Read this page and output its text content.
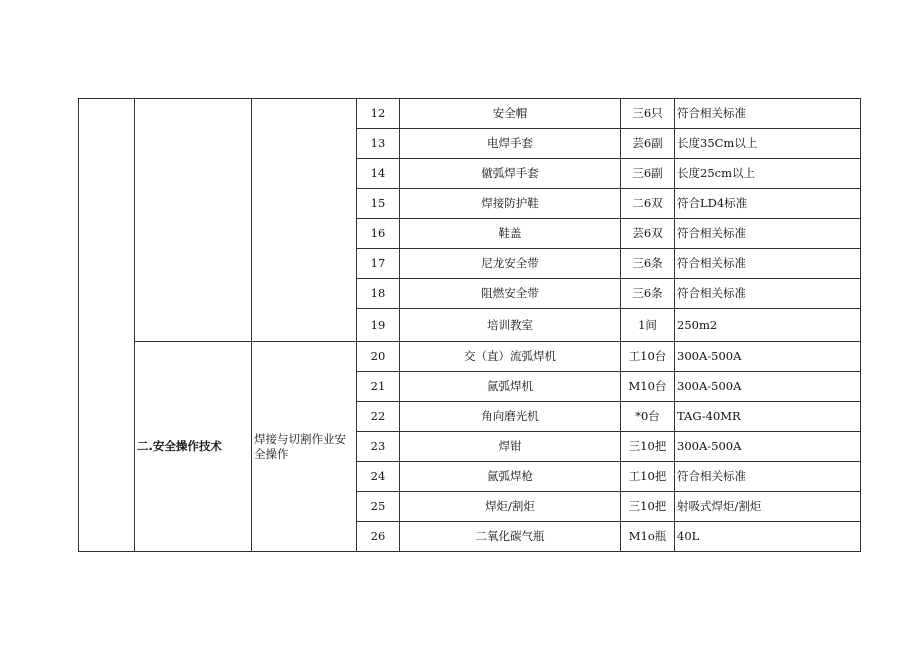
			12	安全帽	三6只	符合相关标准
			13	电焊手套	芸6副	长度35Cm以上
			14	僦弧焊手套	三6副	长度25cm以上
			15	焊接防护鞋	二6双	符合LD4标准
			16	鞋盖	芸6双	符合相关标准
			17	尼龙安全带	三6条	符合相关标准
			18	阻燃安全带	三6条	符合相关标准
			19	培训教室	1间	250m2
	二.安全操作技术	焊接与切割作业安全操作	20	交（直）流弧焊机	工10台	300A-500A
			21	氤弧焊机	M10台	300A-500A
			22	角向磨光机	*0台	TAG-40MR
			23	焊钳	三10把	300A-500A
			24	氤弧焊枪	工10把	符合相关标准
			25	焊炬/割炬	三10把	射吸式焊炬/割炬
			26	二氧化碳气瓶	M1o瓶	40L
